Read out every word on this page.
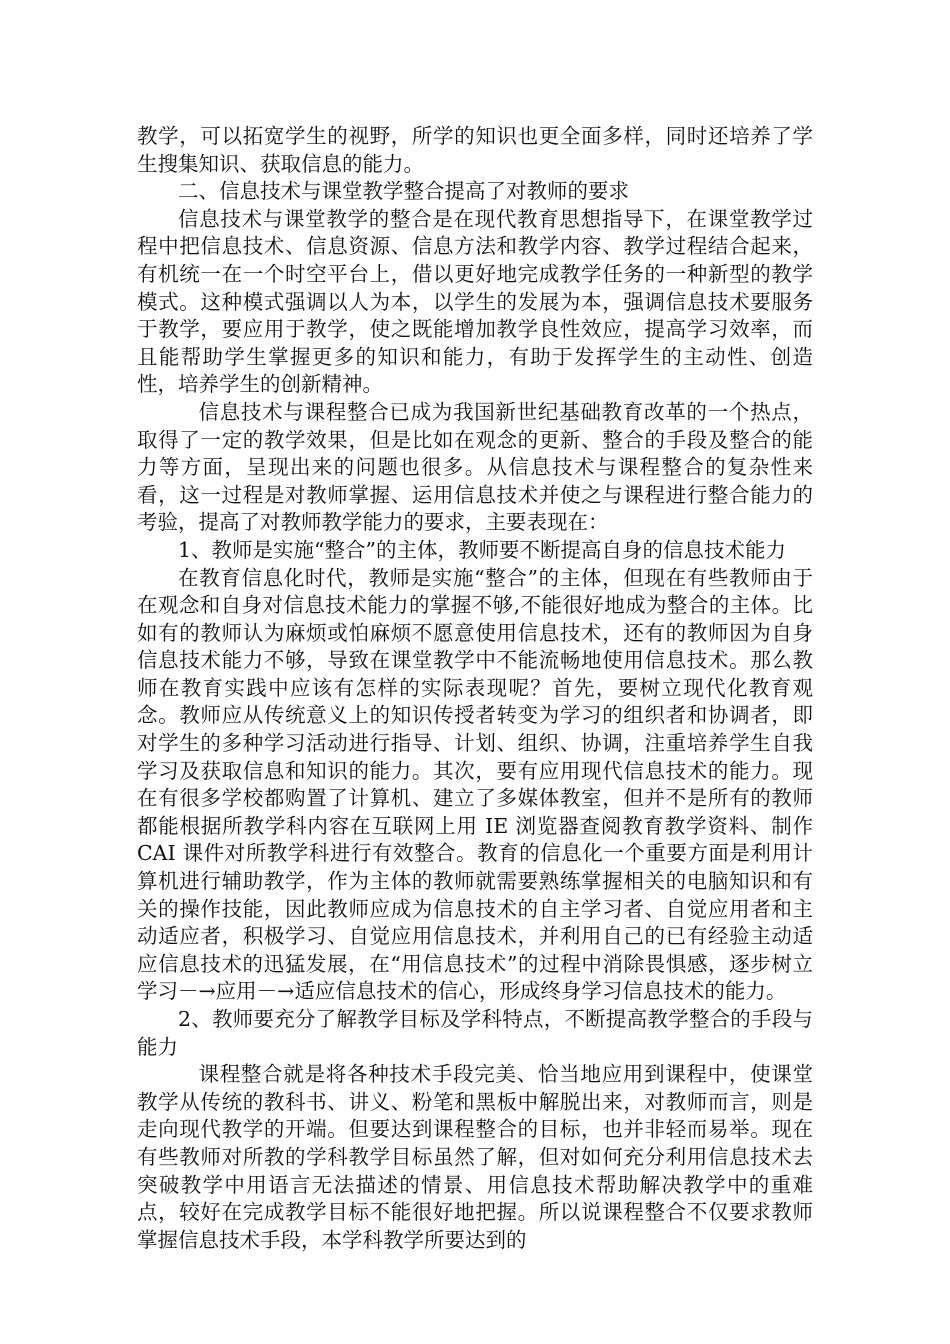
教学，可以拓宽学生的视野，所学的知识也更全面多样，同时还培养了学生搜集知识、获取信息的能力。

二、信息技术与课堂教学整合提高了对教师的要求

信息技术与课堂教学的整合是在现代教育思想指导下，在课堂教学过程中把信息技术、信息资源、信息方法和教学内容、教学过程结合起来，有机统一在一个时空平台上，借以更好地完成教学任务的一种新型的教学模式。这种模式强调以人为本，以学生的发展为本，强调信息技术要服务于教学，要应用于教学，使之既能增加教学良性效应，提高学习效率，而且能帮助学生掌握更多的知识和能力，有助于发挥学生的主动性、创造性，培养学生的创新精神。

信息技术与课程整合已成为我国新世纪基础教育改革的一个热点，取得了一定的教学效果，但是比如在观念的更新、整合的手段及整合的能力等方面，呈现出来的问题也很多。从信息技术与课程整合的复杂性来看，这一过程是对教师掌握、运用信息技术并使之与课程进行整合能力的考验，提高了对教师教学能力的要求，主要表现在：

1、教师是实施“整合”的主体，教师要不断提高自身的信息技术能力

在教育信息化时代，教师是实施“整合”的主体，但现在有些教师由于在观念和自身对信息技术能力的掌握不够,不能很好地成为整合的主体。比如有的教师认为麻烦或怕麻烦不愿意使用信息技术，还有的教师因为自身信息技术能力不够，导致在课堂教学中不能流畅地使用信息技术。那么教师在教育实践中应该有怎样的实际表现呢？首先，要树立现代化教育观念。教师应从传统意义上的知识传授者转变为学习的组织者和协调者，即对学生的多种学习活动进行指导、计划、组织、协调，注重培养学生自我学习及获取信息和知识的能力。其次，要有应用现代信息技术的能力。现在有很多学校都购置了计算机、建立了多媒体教室，但并不是所有的教师都能根据所教学科内容在互联网上用 IE 浏览器查阅教育教学资料、制作 CAI 课件对所教学科进行有效整合。教育的信息化一个重要方面是利用计算机进行辅助教学，作为主体的教师就需要熟练掌握相关的电脑知识和有关的操作技能，因此教师应成为信息技术的自主学习者、自觉应用者和主动适应者，积极学习、自觉应用信息技术，并利用自己的已有经验主动适应信息技术的迅猛发展，在“用信息技术”的过程中消除畏惧感，逐步树立学习－→应用－→适应信息技术的信心，形成终身学习信息技术的能力。

2、教师要充分了解教学目标及学科特点，不断提高教学整合的手段与能力

课程整合就是将各种技术手段完美、恰当地应用到课程中，使课堂教学从传统的教科书、讲义、粉笔和黑板中解脱出来，对教师而言，则是走向现代教学的开端。但要达到课程整合的目标，也并非轻而易举。现在有些教师对所教的学科教学目标虽然了解，但对如何充分利用信息技术去突破教学中用语言无法描述的情景、用信息技术帮助解决教学中的重难点，较好在完成教学目标不能很好地把握。所以说课程整合不仅要求教师掌握信息技术手段，本学科教学所要达到的
